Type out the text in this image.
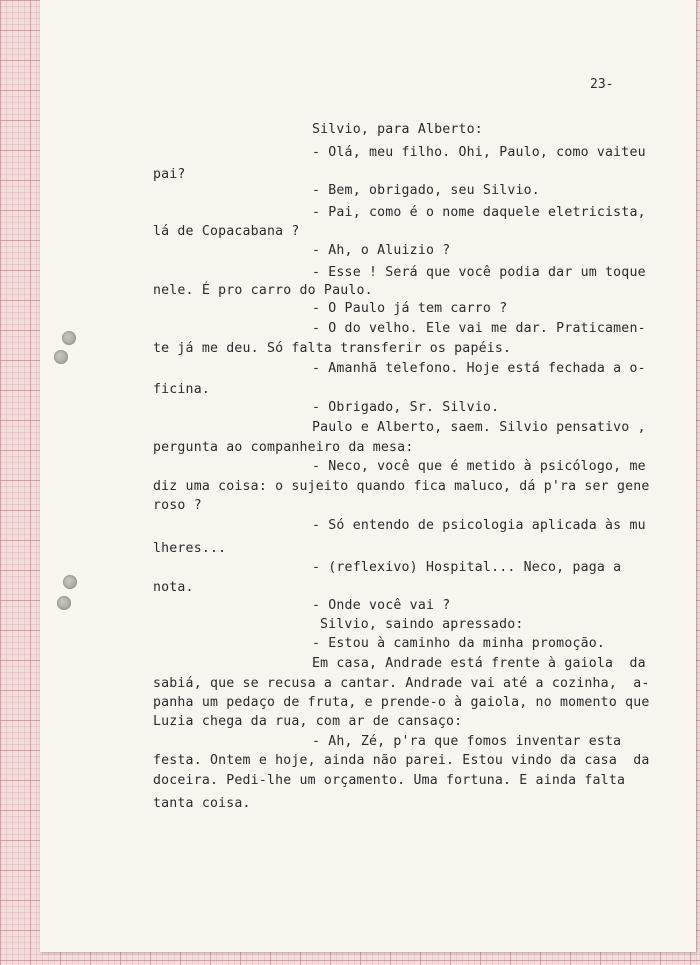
23-
Silvio, para Alberto:
- Olá, meu filho. Ohi, Paulo, como vaiteu
pai?
- Bem, obrigado, seu Silvio.
- Pai, como é o nome daquele eletricista,
lá de Copacabana ?
- Ah, o Aluizio ?
- Esse ! Será que você podia dar um toque
nele. É pro carro do Paulo.
- O Paulo já tem carro ?
- O do velho. Ele vai me dar. Praticamen-
te já me deu. Só falta transferir os papéis.
- Amanhã telefono. Hoje está fechada a o-
ficina.
- Obrigado, Sr. Silvio.
Paulo e Alberto, saem. Silvio pensativo ,
pergunta ao companheiro da mesa:
- Neco, você que é metido à psicólogo, me
diz uma coisa: o sujeito quando fica maluco, dá p'ra ser gene
roso ?
- Só entendo de psicologia aplicada às mu
lheres...
- (reflexivo) Hospital... Neco, paga a
nota.
- Onde você vai ?
Silvio, saindo apressado:
- Estou à caminho da minha promoção.
Em casa, Andrade está frente à gaiola  da
sabiá, que se recusa a cantar. Andrade vai até a cozinha,  a-
panha um pedaço de fruta, e prende-o à gaiola, no momento que
Luzia chega da rua, com ar de cansaço:
- Ah, Zé, p'ra que fomos inventar esta
festa. Ontem e hoje, ainda não parei. Estou vindo da casa  da
doceira. Pedi-lhe um orçamento. Uma fortuna. E ainda falta
tanta coisa.
